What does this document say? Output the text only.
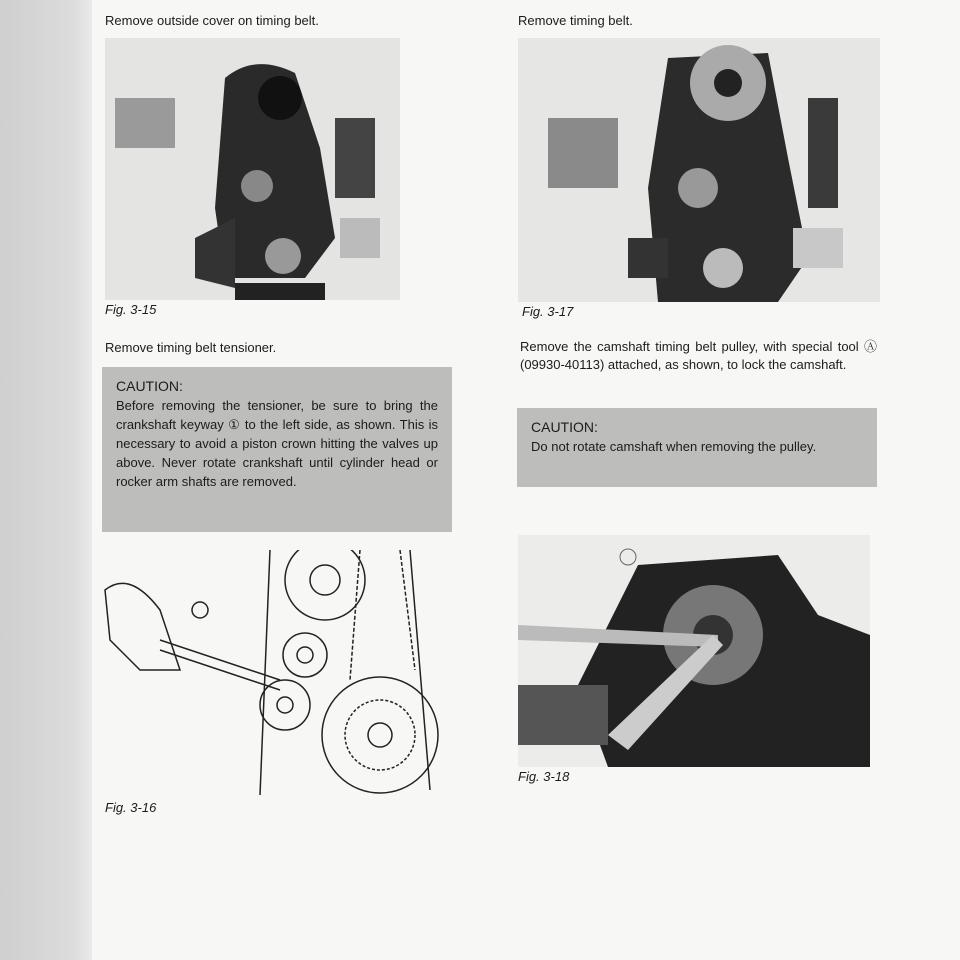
Remove outside cover on timing belt.
Fig. 3-15
Remove timing belt tensioner.
CAUTION:
Before removing the tensioner, be sure to bring the crankshaft keyway ① to the left side, as shown. This is necessary to avoid a piston crown hitting the valves up above. Never rotate crankshaft until cylinder head or rocker arm shafts are removed.
Fig. 3-16
Remove timing belt.
Fig. 3-17
Remove the camshaft timing belt pulley, with special tool Ⓐ (09930-40113) attached, as shown, to lock the camshaft.
CAUTION:
Do not rotate camshaft when removing the pulley.
Fig. 3-18
